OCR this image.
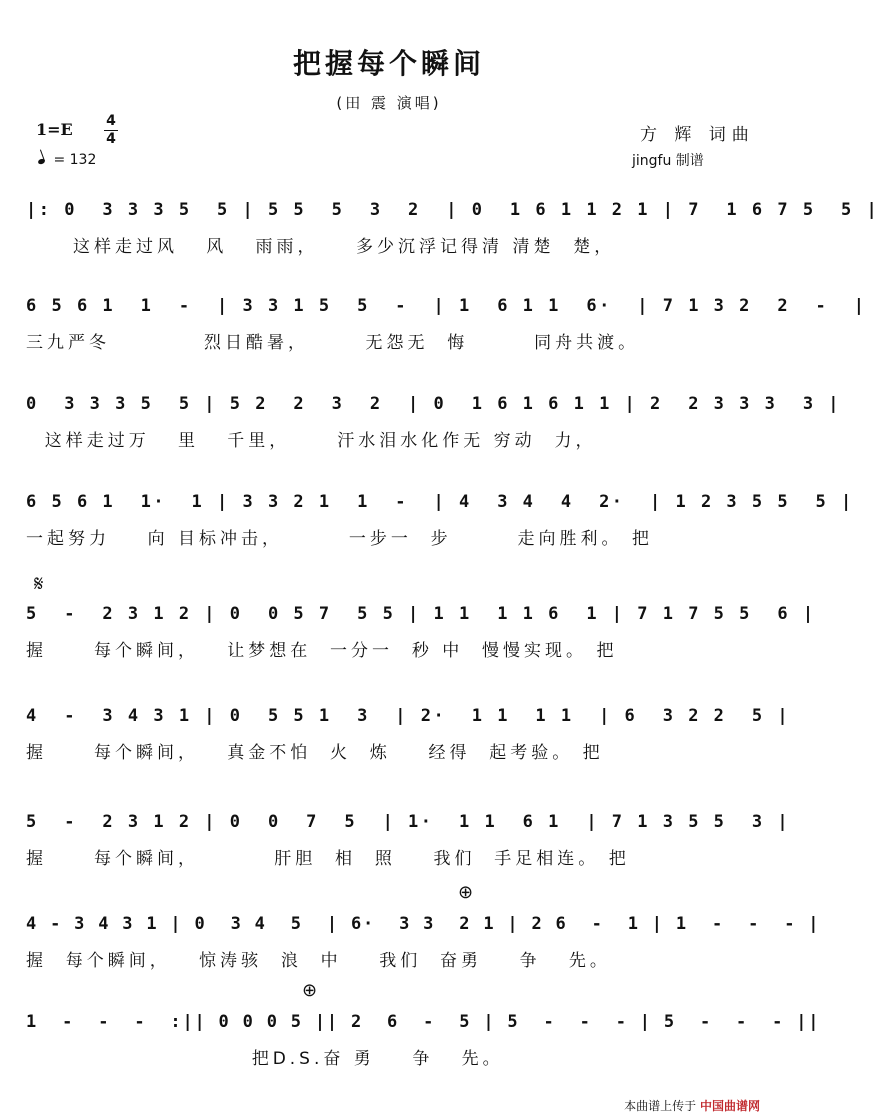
把握每个瞬间
(田 震 演唱)
1=E 4
4
= 132
方 辉 词曲
jingfu 制谱
|: 0  3 3 3 5  5 | 5 5  5  3  2  | 0  1 6 1 1 2 1 | 7  1 6 7 5  5 |
这样走过风   风   雨雨，    多少沉浮记得清 清楚  楚，
6 5 6 1  1  -  | 3 3 1 5  5  -  | 1  6 1 1  6·  | 7 1 3 2  2  -  |
三九严冬          烈日酷暑，      无怨无  悔       同舟共渡。
0  3 3 3 5  5 | 5 2  2  3  2  | 0  1 6 1 6 1 1 | 2  2 3 3 3  3 |
这样走过万   里   千里，     汗水泪水化作无 穷动  力，
6 5 6 1  1·  1 | 3 3 2 1  1  -  | 4  3 4  4  2·  | 1 2 3 5 5  5 |
一起努力    向 目标冲击，       一步一  步       走向胜利。 把
𝄋
5  -  2 3 1 2 | 0  0 5 7  5 5 | 1 1  1 1 6  1 | 7 1 7 5 5  6 |
握     每个瞬间，   让梦想在  一分一  秒 中  慢慢实现。 把
4  -  3 4 3 1 | 0  5 5 1  3  | 2·  1 1  1 1  | 6  3 2 2  5 |
握     每个瞬间，   真金不怕  火  炼    经得  起考验。 把
5  -  2 3 1 2 | 0  0  7  5  | 1·  1 1  6 1  | 7 1 3 5 5  3 |
握     每个瞬间，        肝胆  相  照    我们  手足相连。 把
⊕
4 - 3 4 3 1 | 0  3 4  5  | 6·  3 3  2 1 | 2 6  -  1 | 1  -  -  - |
握  每个瞬间，   惊涛骇  浪  中    我们  奋勇    争   先。
⊕
1  -  -  -  :|| 0 0 0 5 || 2  6  -  5 | 5  -  -  - | 5  -  -  - ||
把D.S.奋 勇    争   先。
本曲谱上传于 中国曲谱网
